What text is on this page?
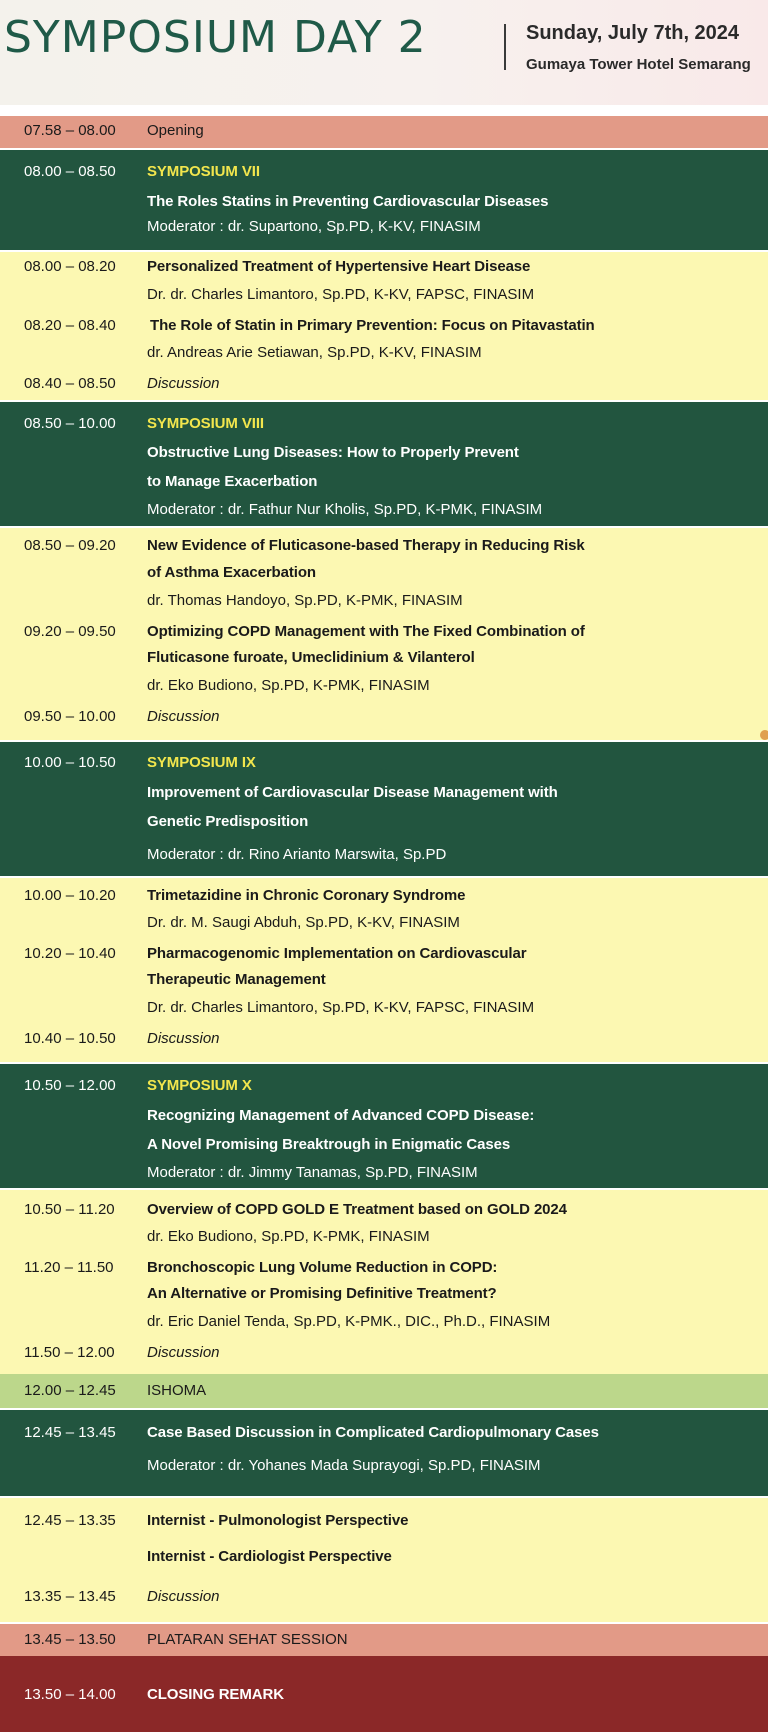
SYMPOSIUM DAY 2	Sunday, July 7th, 2024
Gumaya Tower Hotel Semarang
07.58 – 08.00 Opening
08.00 – 08.50 SYMPOSIUM VII
The Roles Statins in Preventing Cardiovascular Diseases
Moderator : dr. Supartono, Sp.PD, K-KV, FINASIM
08.00 – 08.20 Personalized Treatment of Hypertensive Heart Disease
Dr. dr. Charles Limantoro, Sp.PD, K-KV, FAPSC, FINASIM
08.20 – 08.40 The Role of Statin in Primary Prevention: Focus on Pitavastatin
dr. Andreas Arie Setiawan, Sp.PD, K-KV, FINASIM
08.40 – 08.50 Discussion
08.50 – 10.00 SYMPOSIUM VIII
Obstructive Lung Diseases: How to Properly Prevent
to Manage Exacerbation
Moderator : dr. Fathur Nur Kholis, Sp.PD, K-PMK, FINASIM
08.50 – 09.20 New Evidence of Fluticasone-based Therapy in Reducing Risk
of Asthma Exacerbation
dr. Thomas Handoyo, Sp.PD, K-PMK, FINASIM
09.20 – 09.50 Optimizing COPD Management with The Fixed Combination of
Fluticasone furoate, Umeclidinium & Vilanterol
dr. Eko Budiono, Sp.PD, K-PMK, FINASIM
09.50 – 10.00 Discussion
10.00 – 10.50 SYMPOSIUM IX
Improvement of Cardiovascular Disease Management with
Genetic Predisposition
Moderator : dr. Rino Arianto Marswita, Sp.PD
10.00 – 10.20 Trimetazidine in Chronic Coronary Syndrome
Dr. dr. M. Saugi Abduh, Sp.PD, K-KV, FINASIM
10.20 – 10.40 Pharmacogenomic Implementation on Cardiovascular
Therapeutic Management
Dr. dr. Charles Limantoro, Sp.PD, K-KV, FAPSC, FINASIM
10.40 – 10.50 Discussion
10.50 – 12.00 SYMPOSIUM X
Recognizing Management of Advanced COPD Disease:
A Novel Promising Breaktrough in Enigmatic Cases
Moderator : dr. Jimmy Tanamas, Sp.PD, FINASIM
10.50 – 11.20 Overview of COPD GOLD E Treatment based on GOLD 2024
dr. Eko Budiono, Sp.PD, K-PMK, FINASIM
11.20 – 11.50 Bronchoscopic Lung Volume Reduction in COPD:
An Alternative or Promising Definitive Treatment?
dr. Eric Daniel Tenda, Sp.PD, K-PMK., DIC., Ph.D., FINASIM
11.50 – 12.00 Discussion
12.00 – 12.45 ISHOMA
12.45 – 13.45 Case Based Discussion in Complicated Cardiopulmonary Cases
Moderator : dr. Yohanes Mada Suprayogi, Sp.PD, FINASIM
12.45 – 13.35 Internist - Pulmonologist Perspective
Internist - Cardiologist Perspective
13.35 – 13.45 Discussion
13.45 – 13.50 PLATARAN SEHAT SESSION
13.50 – 14.00 CLOSING REMARK
